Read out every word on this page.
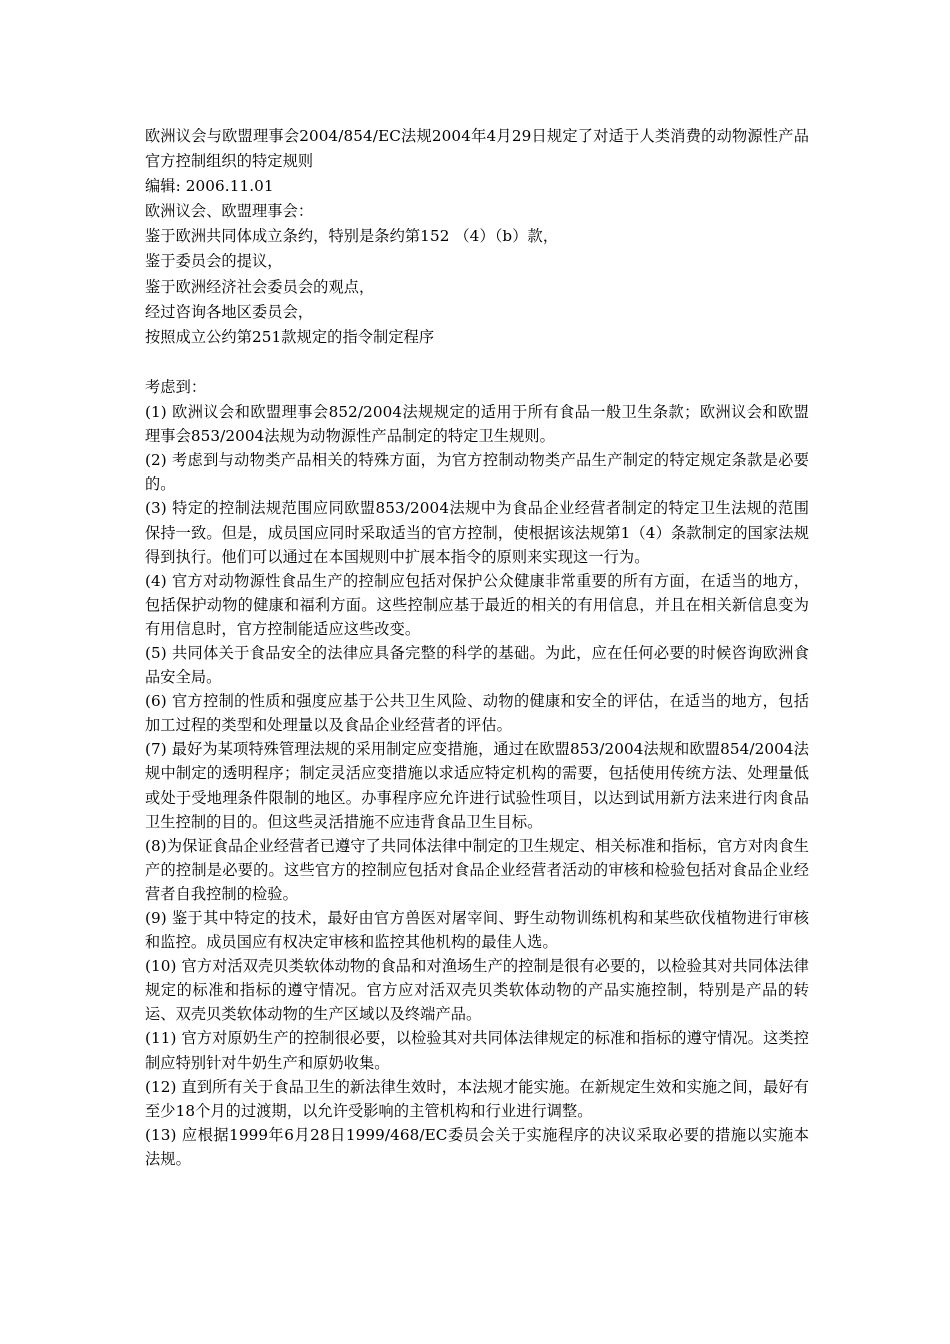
欧洲议会与欧盟理事会2004/854/EC法规2004年4月29日规定了对适于人类消费的动物源性产品官方控制组织的特定规则

编辑: 2006.11.01
欧洲议会、欧盟理事会：
鉴于欧洲共同体成立条约，特别是条约第152 （4）（b）款，
鉴于委员会的提议，
鉴于欧洲经济社会委员会的观点，
经过咨询各地区委员会，
按照成立公约第251款规定的指令制定程序
考虑到：

(1) 欧洲议会和欧盟理事会852/2004法规规定的适用于所有食品一般卫生条款；欧洲议会和欧盟理事会853/2004法规为动物源性产品制定的特定卫生规则。

(2) 考虑到与动物类产品相关的特殊方面，为官方控制动物类产品生产制定的特定规定条款是必要的。

(3) 特定的控制法规范围应同欧盟853/2004法规中为食品企业经营者制定的特定卫生法规的范围保持一致。但是，成员国应同时采取适当的官方控制，使根据该法规第1（4）条款制定的国家法规得到执行。他们可以通过在本国规则中扩展本指令的原则来实现这一行为。

(4) 官方对动物源性食品生产的控制应包括对保护公众健康非常重要的所有方面，在适当的地方，包括保护动物的健康和福利方面。这些控制应基于最近的相关的有用信息，并且在相关新信息变为有用信息时，官方控制能适应这些改变。

(5) 共同体关于食品安全的法律应具备完整的科学的基础。为此，应在任何必要的时候咨询欧洲食品安全局。

(6) 官方控制的性质和强度应基于公共卫生风险、动物的健康和安全的评估，在适当的地方，包括加工过程的类型和处理量以及食品企业经营者的评估。

(7) 最好为某项特殊管理法规的采用制定应变措施，通过在欧盟853/2004法规和欧盟854/2004法规中制定的透明程序；制定灵活应变措施以求适应特定机构的需要，包括使用传统方法、处理量低或处于受地理条件限制的地区。办事程序应允许进行试验性项目，以达到试用新方法来进行肉食品卫生控制的目的。但这些灵活措施不应违背食品卫生目标。

(8)为保证食品企业经营者已遵守了共同体法律中制定的卫生规定、相关标准和指标，官方对肉食生产的控制是必要的。这些官方的控制应包括对食品企业经营者活动的审核和检验包括对食品企业经营者自我控制的检验。

(9) 鉴于其中特定的技术，最好由官方兽医对屠宰间、野生动物训练机构和某些砍伐植物进行审核和监控。成员国应有权决定审核和监控其他机构的最佳人选。

(10) 官方对活双壳贝类软体动物的食品和对渔场生产的控制是很有必要的，以检验其对共同体法律规定的标准和指标的遵守情况。官方应对活双壳贝类软体动物的产品实施控制，特别是产品的转运、双壳贝类软体动物的生产区域以及终端产品。

(11) 官方对原奶生产的控制很必要，以检验其对共同体法律规定的标准和指标的遵守情况。这类控制应特别针对牛奶生产和原奶收集。

(12) 直到所有关于食品卫生的新法律生效时，本法规才能实施。在新规定生效和实施之间，最好有至少18个月的过渡期，以允许受影响的主管机构和行业进行调整。

(13) 应根据1999年6月28日1999/468/EC委员会关于实施程序的决议采取必要的措施以实施本法规。
